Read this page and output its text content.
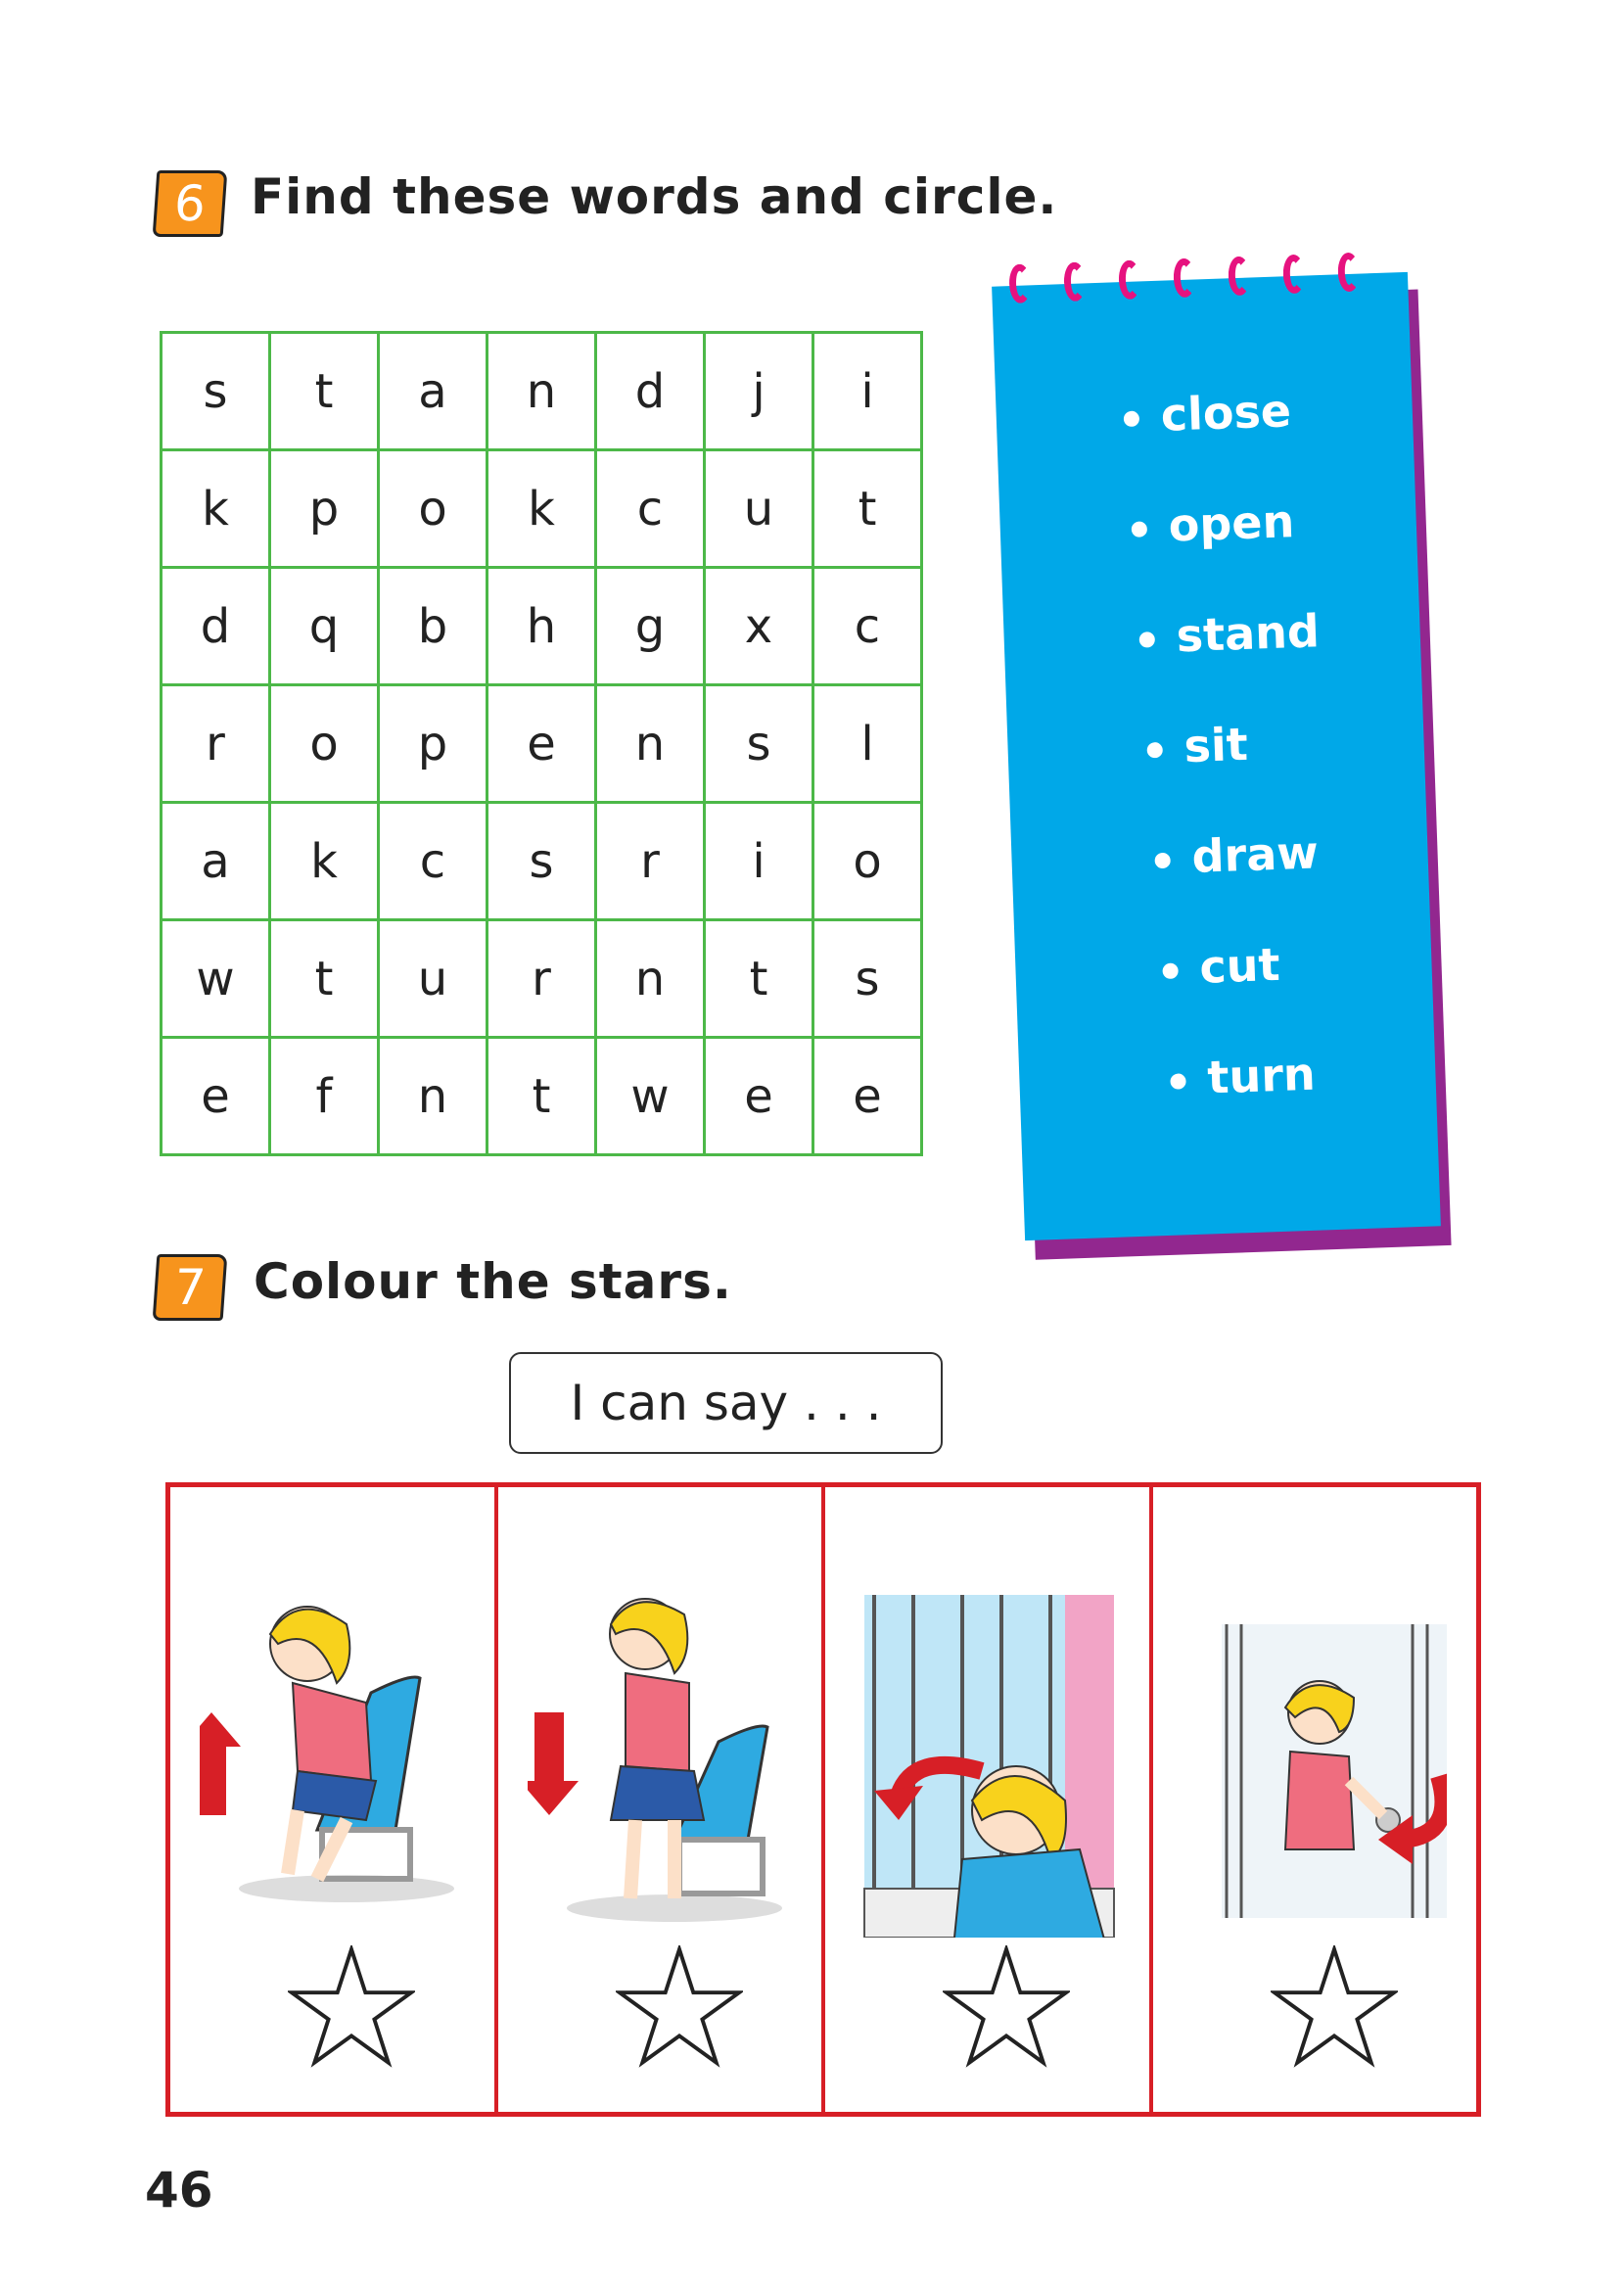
6 Find these words and circle.
s	t	a	n	d	j	i
k	p	o	k	c	u	t
d	q	b	h	g	x	c
r	o	p	e	n	s	l
a	k	c	s	r	i	o
w	t	u	r	n	t	s
e	f	n	t	w	e	e
close
open
stand
sit
draw
cut
turn
7 Colour the stars.
I can say . . .
46
